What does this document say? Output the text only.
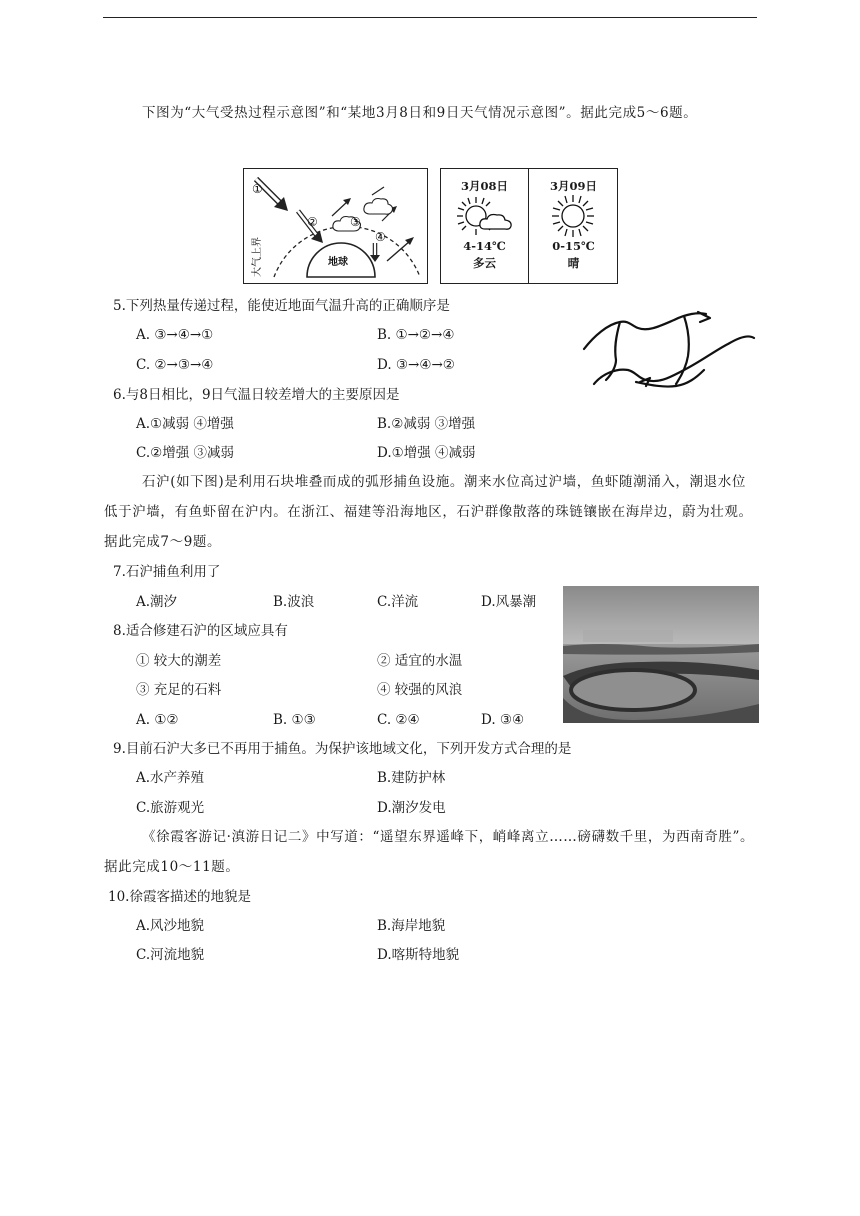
下图为“大气受热过程示意图”和“某地3月8日和9日天气情况示意图”。据此完成5～6题。
①
②	③
④
地球
大气上界
3月08日
4-14℃
多云
3月09日
0-15℃
晴
5.下列热量传递过程，能使近地面气温升高的正确顺序是
A. ③→④→①	B. ①→②→④
C. ②→③→④	D. ③→④→②
6.与8日相比，9日气温日较差增大的主要原因是
A.①减弱 ④增强	B.②减弱 ③增强
C.②增强 ③减弱	D.①增强 ④减弱
石沪(如下图)是利用石块堆叠而成的弧形捕鱼设施。潮来水位高过沪墙，鱼虾随潮涌入，潮退水位低于沪墙，有鱼虾留在沪内。在浙江、福建等沿海地区，石沪群像散落的珠链镶嵌在海岸边，蔚为壮观。据此完成7～9题。
7.石沪捕鱼利用了
A.潮汐	B.波浪	C.洋流	D.风暴潮
8.适合修建石沪的区域应具有
① 较大的潮差	② 适宜的水温
③ 充足的石料	④ 较强的风浪
A. ①②	B. ①③	C. ②④	D. ③④
9.目前石沪大多已不再用于捕鱼。为保护该地域文化，下列开发方式合理的是
A.水产养殖	B.建防护林
C.旅游观光	D.潮汐发电
《徐霞客游记·滇游日记二》中写道：“遥望东界遥峰下，峭峰离立……磅礴数千里，为西南奇胜”。据此完成10～11题。
10.徐霞客描述的地貌是
A.风沙地貌	B.海岸地貌
C.河流地貌	D.喀斯特地貌
